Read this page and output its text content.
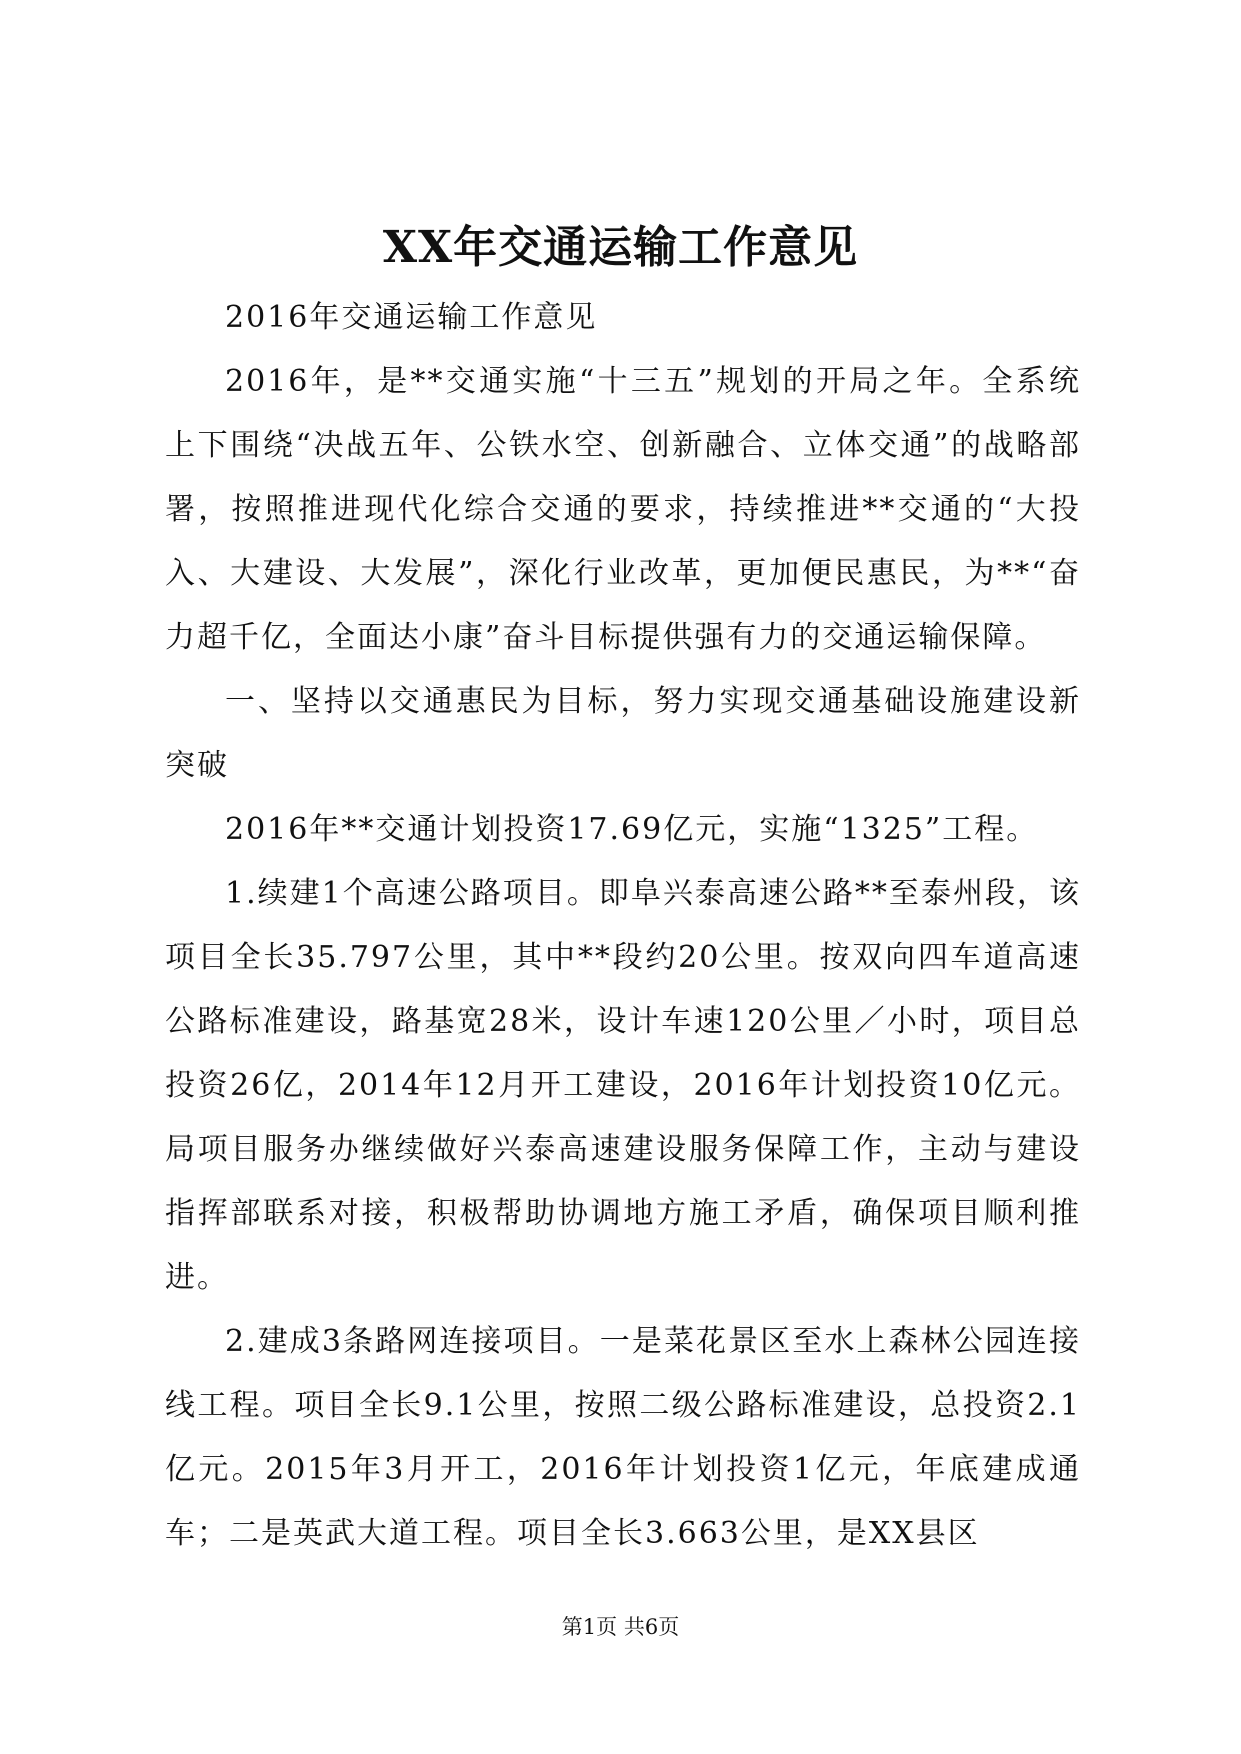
XX年交通运输工作意见

2016年交通运输工作意见

2016年，是**交通实施“十三五”规划的开局之年。全系统上下围绕“决战五年、公铁水空、创新融合、立体交通”的战略部署，按照推进现代化综合交通的要求，持续推进**交通的“大投入、大建设、大发展”，深化行业改革，更加便民惠民，为**“奋力超千亿，全面达小康”奋斗目标提供强有力的交通运输保障。

一、坚持以交通惠民为目标，努力实现交通基础设施建设新突破

2016年**交通计划投资17.69亿元，实施“1325”工程。

1.续建1个高速公路项目。即阜兴泰高速公路**至泰州段，该项目全长35.797公里，其中**段约20公里。按双向四车道高速公路标准建设，路基宽28米，设计车速120公里／小时，项目总投资26亿，2014年12月开工建设，2016年计划投资10亿元。局项目服务办继续做好兴泰高速建设服务保障工作，主动与建设指挥部联系对接，积极帮助协调地方施工矛盾，确保项目顺利推进。

2.建成3条路网连接项目。一是菜花景区至水上森林公园连接线工程。项目全长9.1公里，按照二级公路标准建设，总投资2.1亿元。2015年3月开工，2016年计划投资1亿元，年底建成通车；二是英武大道工程。项目全长3.663公里，是XX县区

第1页 共6页
